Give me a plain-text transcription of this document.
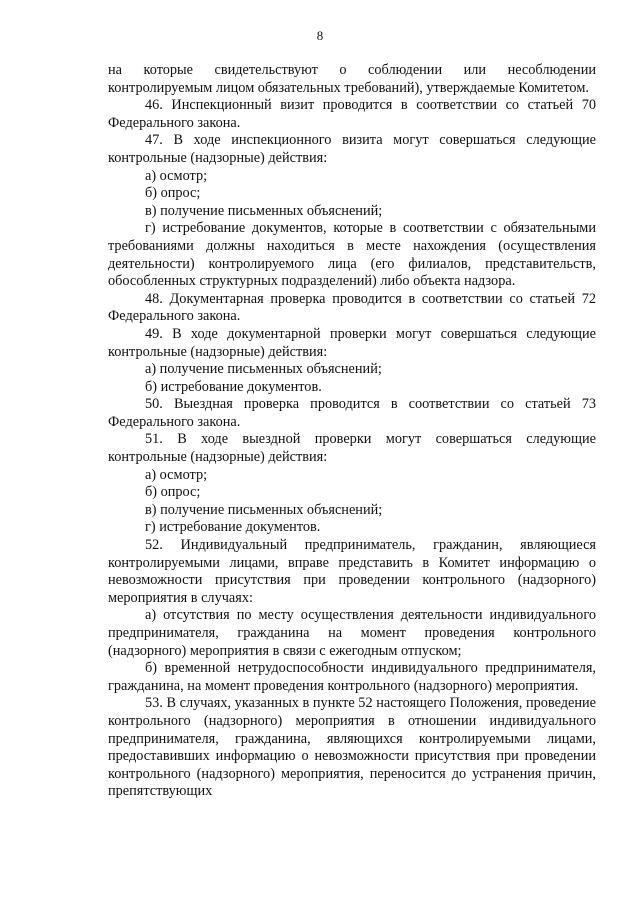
8

на которые свидетельствуют о соблюдении или несоблюдении контролируемым лицом обязательных требований), утверждаемые Комитетом.

46. Инспекционный визит проводится в соответствии со статьей 70 Федерального закона.

47. В ходе инспекционного визита могут совершаться следующие контрольные (надзорные) действия:

а) осмотр;

б) опрос;

в) получение письменных объяснений;

г) истребование документов, которые в соответствии с обязательными требованиями должны находиться в месте нахождения (осуществления деятельности) контролируемого лица (его филиалов, представительств, обособленных структурных подразделений) либо объекта надзора.

48. Документарная проверка проводится в соответствии со статьей 72 Федерального закона.

49. В ходе документарной проверки могут совершаться следующие контрольные (надзорные) действия:

а) получение письменных объяснений;

б) истребование документов.

50. Выездная проверка проводится в соответствии со статьей 73 Федерального закона.

51. В ходе выездной проверки могут совершаться следующие контрольные (надзорные) действия:

а) осмотр;

б) опрос;

в) получение письменных объяснений;

г) истребование документов.

52. Индивидуальный предприниматель, гражданин, являющиеся контролируемыми лицами, вправе представить в Комитет информацию о невозможности присутствия при проведении контрольного (надзорного) мероприятия в случаях:

а) отсутствия по месту осуществления деятельности индивидуального предпринимателя, гражданина на момент проведения контрольного (надзорного) мероприятия в связи с ежегодным отпуском;

б) временной нетрудоспособности индивидуального предпринимателя, гражданина, на момент проведения контрольного (надзорного) мероприятия.

53. В случаях, указанных в пункте 52 настоящего Положения, проведение контрольного (надзорного) мероприятия в отношении индивидуального предпринимателя, гражданина, являющихся контролируемыми лицами, предоставивших информацию о невозможности присутствия при проведении контрольного (надзорного) мероприятия, переносится до устранения причин, препятствующих
